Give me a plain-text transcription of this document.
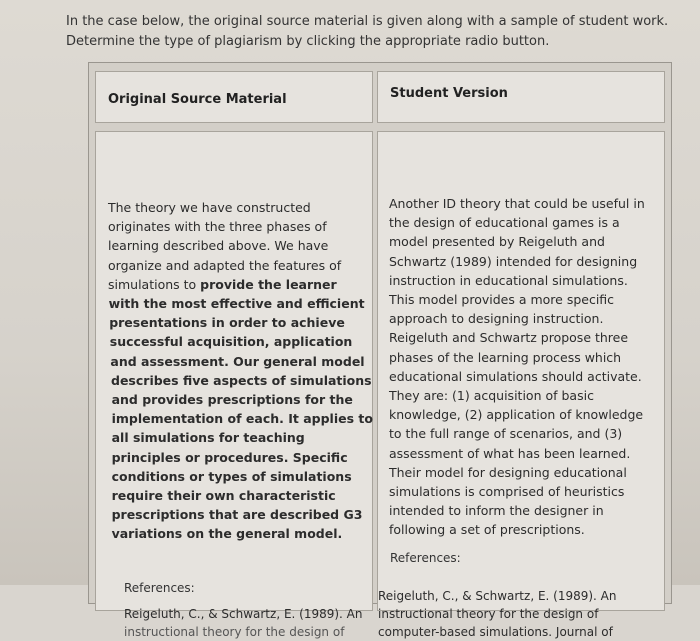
In the case below, the original source material is given along with a sample of student work.
Determine the type of plagiarism by clicking the appropriate radio button.
Original Source Material	Student Version
The theory we have constructed
originates with the three phases of
learning described above. We have
organize and adapted the features of
simulations to provide the learner
with the most effective and efficient
presentations in order to achieve
successful acquisition, application
and assessment. Our general model
describes five aspects of simulations
and provides prescriptions for the
implementation of each. It applies to
all simulations for teaching
principles or procedures. Specific
conditions or types of simulations
require their own characteristic
prescriptions that are described G3
variations on the general model.
References:
Reigeluth, C., & Schwartz, E. (1989). An
instructional theory for the design of
Another ID theory that could be useful in
the design of educational games is a
model presented by Reigeluth and
Schwartz (1989) intended for designing
instruction in educational simulations.
This model provides a more specific
approach to designing instruction.
Reigeluth and Schwartz propose three
phases of the learning process which
educational simulations should activate.
They are: (1) acquisition of basic
knowledge, (2) application of knowledge
to the full range of scenarios, and (3)
assessment of what has been learned.
Their model for designing educational
simulations is comprised of heuristics
intended to inform the designer in
following a set of prescriptions.
References:
Reigeluth, C., & Schwartz, E. (1989). An
instructional theory for the design of
computer-based simulations. Journal of
